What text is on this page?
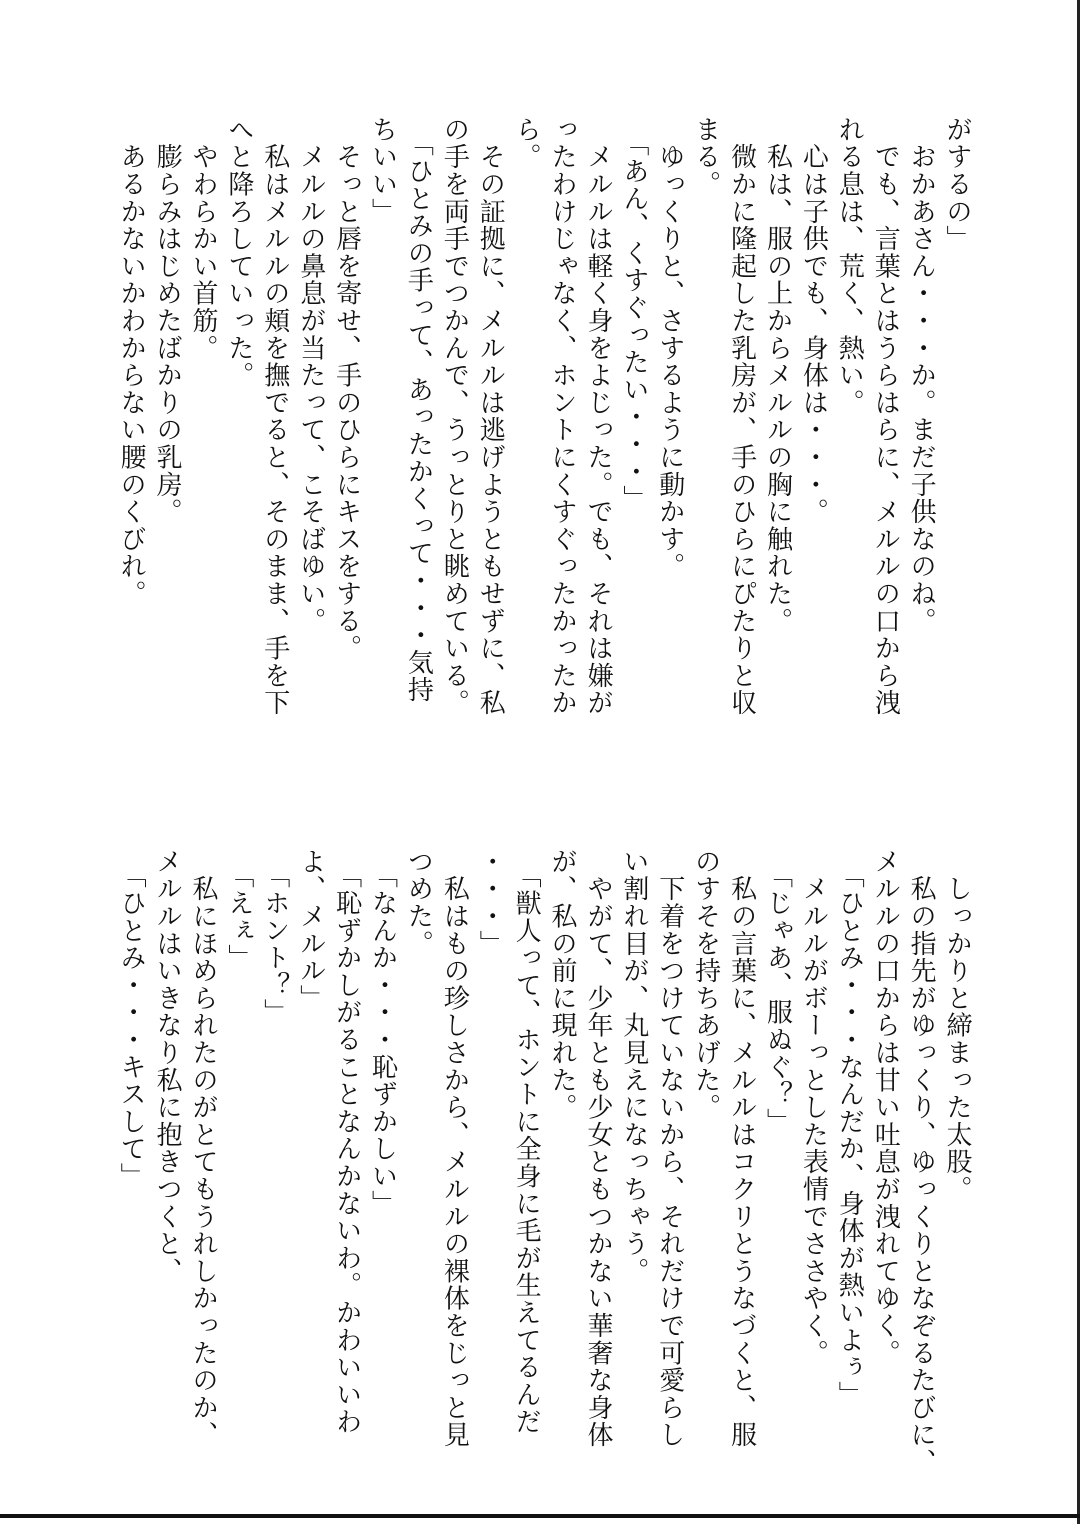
がするの」
　おかあさん・・・か。まだ子供なのね。
　でも、言葉とはうらはらに、メルルの口から洩
れる息は、荒く、熱い。
　心は子供でも、身体は・・・。
　私は、服の上からメルルの胸に触れた。
　微かに隆起した乳房が、手のひらにぴたりと収
まる。
　ゆっくりと、さするように動かす。
　「あん、くすぐったい・・・」
　メルルは軽く身をよじった。でも、それは嫌が
ったわけじゃなく、ホントにくすぐったかったか
ら。
　その証拠に、メルルは逃げようともせずに、私
の手を両手でつかんで、うっとりと眺めている。
　「ひとみの手って、あったかくって・・・気持
ちいい」
　そっと唇を寄せ、手のひらにキスをする。
　メルルの鼻息が当たって、こそばゆい。
　私はメルルの頬を撫でると、そのまま、手を下
へと降ろしていった。
　やわらかい首筋。
　膨らみはじめたばかりの乳房。
　あるかないかわからない腰のくびれ。
　しっかりと締まった太股。
　私の指先がゆっくり、ゆっくりとなぞるたびに、
メルルの口からは甘い吐息が洩れてゆく。
　「ひとみ・・・なんだか、身体が熱いよぅ」
　メルルがボーっとした表情でささやく。
　「じゃあ、服ぬぐ？」
　私の言葉に、メルルはコクリとうなづくと、服
のすそを持ちあげた。
　下着をつけていないから、それだけで可愛らし
い割れ目が、丸見えになっちゃう。
　やがて、少年とも少女ともつかない華奢な身体
が、私の前に現れた。
　「獣人って、ホントに全身に毛が生えてるんだ
・・・」
　私はもの珍しさから、メルルの裸体をじっと見
つめた。
　「なんか・・・恥ずかしい」
　「恥ずかしがることなんかないわ。かわいいわ
よ、メルル」
　「ホント？」
　「えぇ」
　私にほめられたのがとてもうれしかったのか、
メルルはいきなり私に抱きつくと、
　「ひとみ・・・キスして」
